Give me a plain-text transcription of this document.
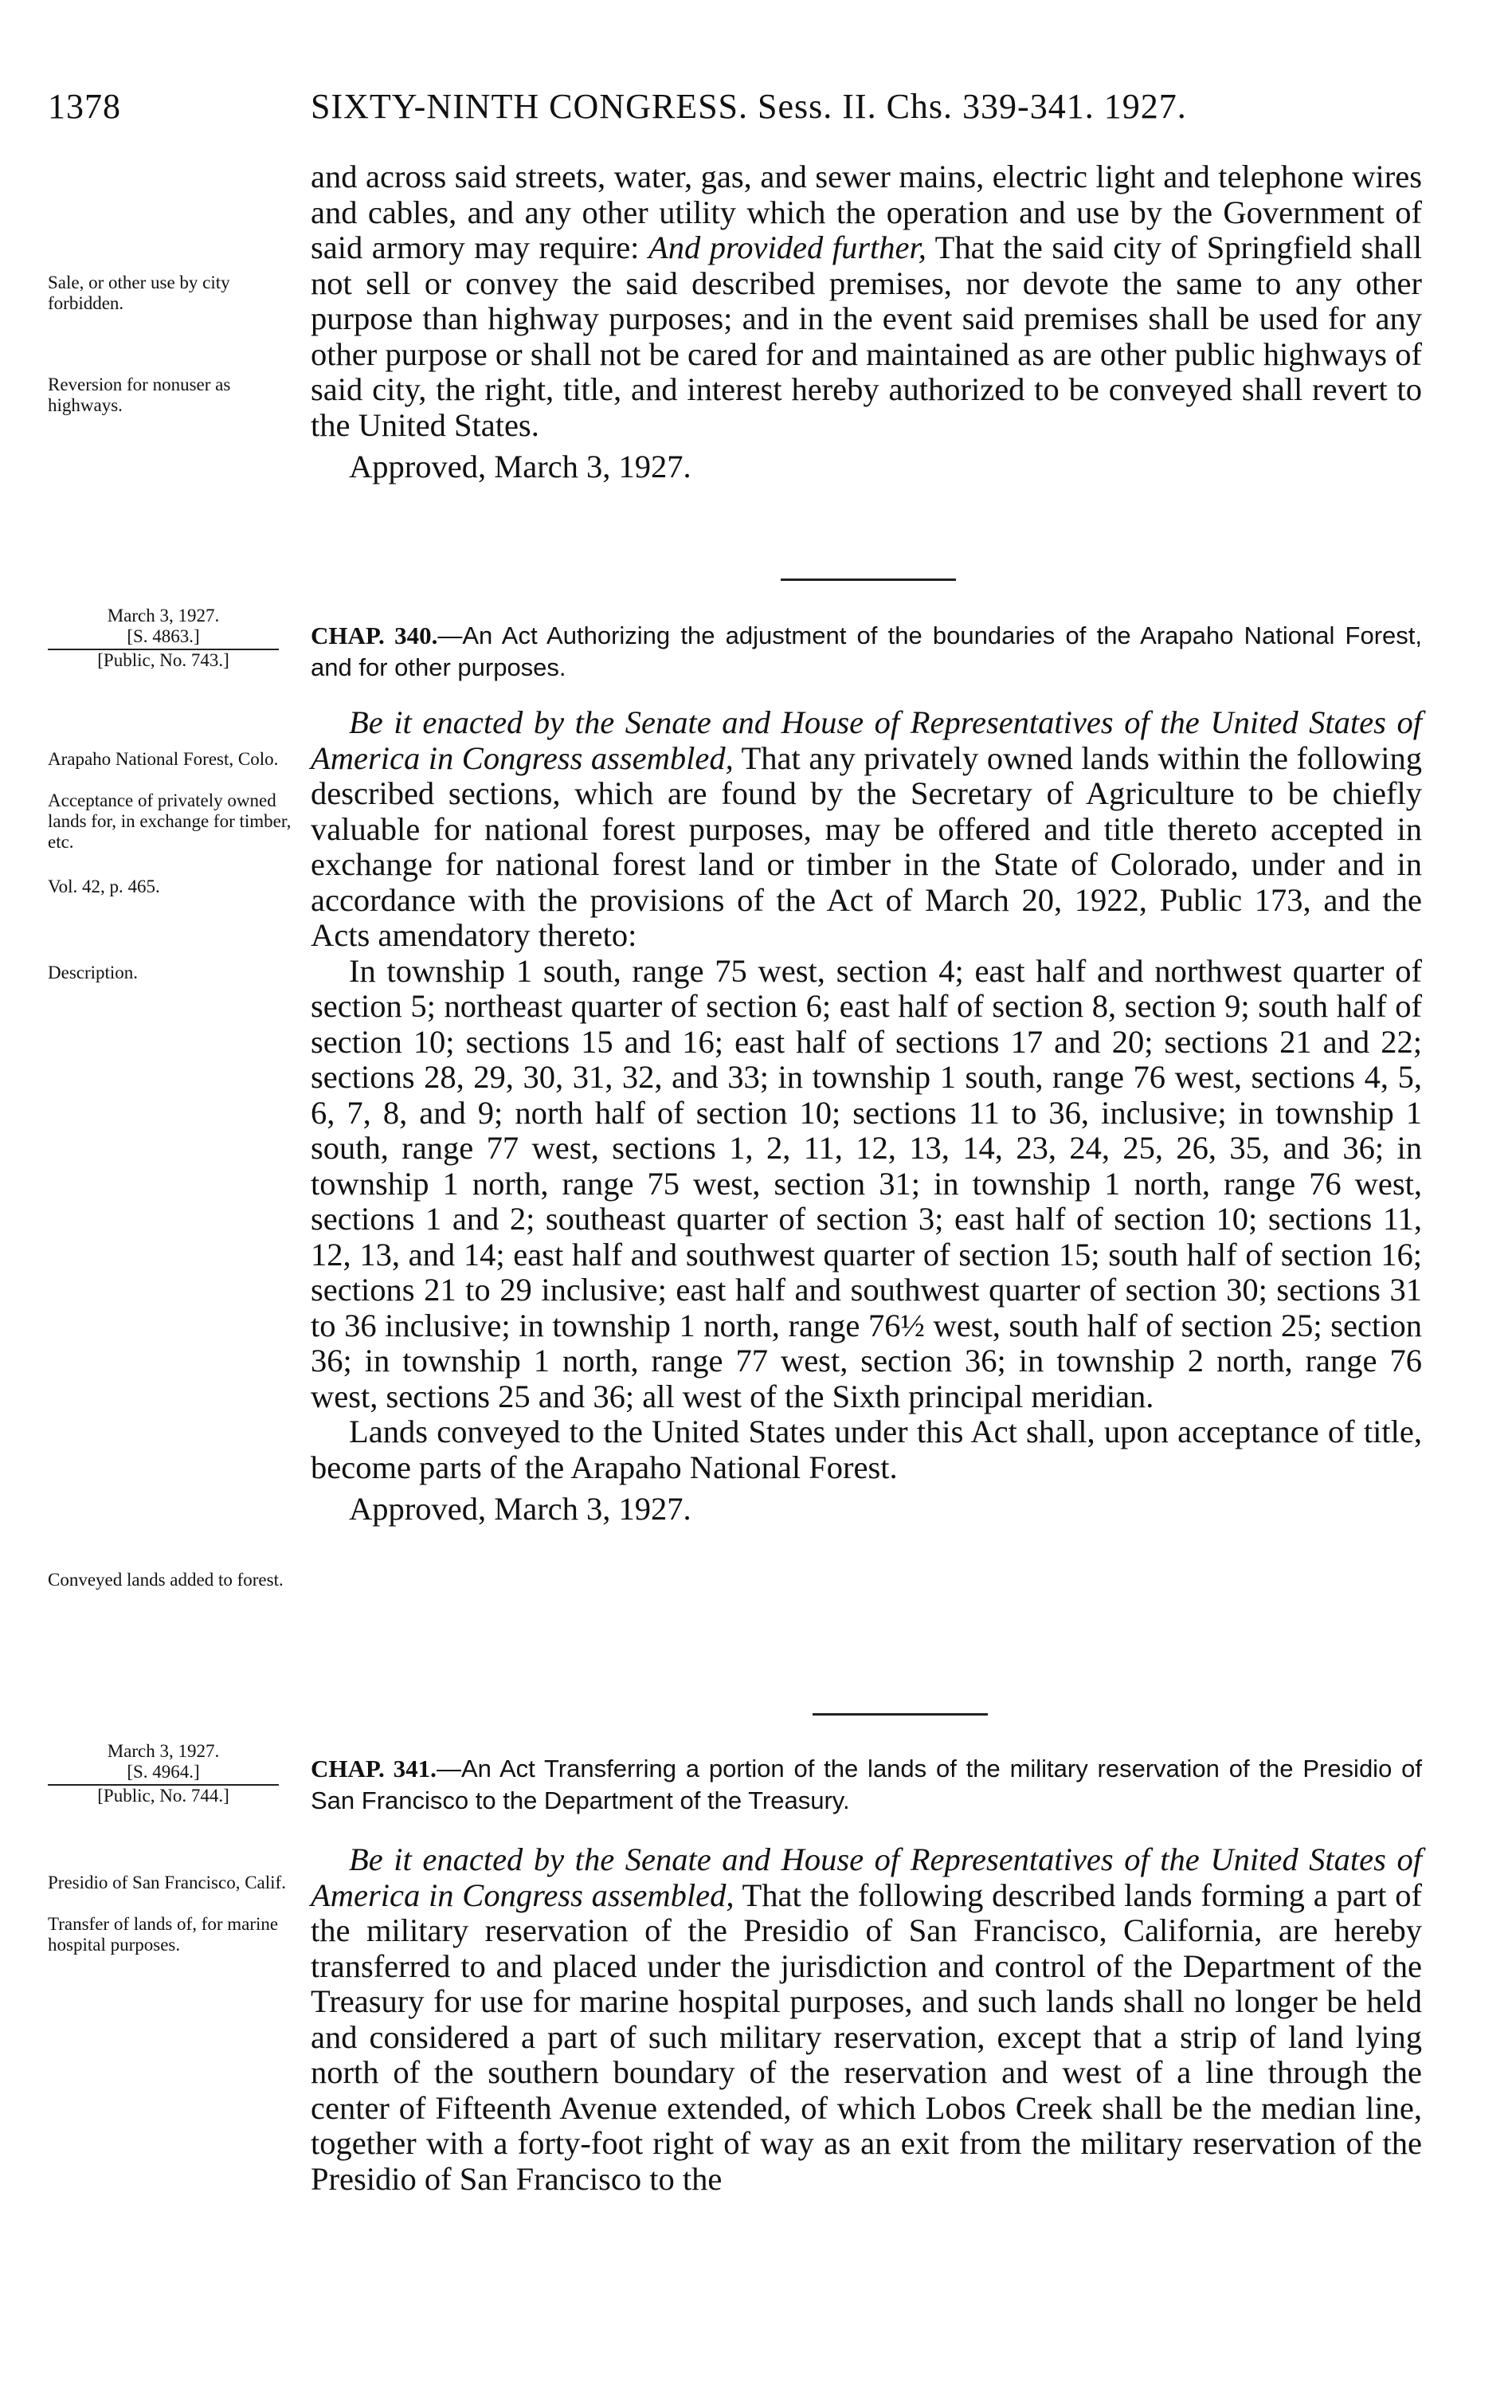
1378	SIXTY-NINTH CONGRESS. Sess. II. Chs. 339-341. 1927.

and across said streets, water, gas, and sewer mains, electric light and telephone wires and cables, and any other utility which the operation and use by the Government of said armory may require: And provided further, That the said city of Springfield shall not sell or convey the said described premises, nor devote the same to any other purpose than highway purposes; and in the event said premises shall be used for any other purpose or shall not be cared for and maintained as are other public highways of said city, the right, title, and interest hereby authorized to be conveyed shall revert to the United States.

Approved, March 3, 1927.

Sale, or other use by city forbidden.
Reversion for nonuser as highways.
March 3, 1927.
[S. 4863.]
[Public, No. 743.]
CHAP. 340.—An Act Authorizing the adjustment of the boundaries of the Arapaho National Forest, and for other purposes.

Be it enacted by the Senate and House of Representatives of the United States of America in Congress assembled, That any privately owned lands within the following described sections, which are found by the Secretary of Agriculture to be chiefly valuable for national forest purposes, may be offered and title thereto accepted in exchange for national forest land or timber in the State of Colorado, under and in accordance with the provisions of the Act of March 20, 1922, Public 173, and the Acts amendatory thereto:

In township 1 south, range 75 west, section 4; east half and northwest quarter of section 5; northeast quarter of section 6; east half of section 8, section 9; south half of section 10; sections 15 and 16; east half of sections 17 and 20; sections 21 and 22; sections 28, 29, 30, 31, 32, and 33; in township 1 south, range 76 west, sections 4, 5, 6, 7, 8, and 9; north half of section 10; sections 11 to 36, inclusive; in township 1 south, range 77 west, sections 1, 2, 11, 12, 13, 14, 23, 24, 25, 26, 35, and 36; in township 1 north, range 75 west, section 31; in township 1 north, range 76 west, sections 1 and 2; southeast quarter of section 3; east half of section 10; sections 11, 12, 13, and 14; east half and southwest quarter of section 15; south half of section 16; sections 21 to 29 inclusive; east half and southwest quarter of section 30; sections 31 to 36 inclusive; in township 1 north, range 76½ west, south half of section 25; section 36; in township 1 north, range 77 west, section 36; in township 2 north, range 76 west, sections 25 and 36; all west of the Sixth principal meridian.

Lands conveyed to the United States under this Act shall, upon acceptance of title, become parts of the Arapaho National Forest.

Approved, March 3, 1927.

Arapaho National Forest, Colo.
Acceptance of privately owned lands for, in exchange for timber, etc.
Vol. 42, p. 465.
Description.
Conveyed lands added to forest.
March 3, 1927.
[S. 4964.]
[Public, No. 744.]
CHAP. 341.—An Act Transferring a portion of the lands of the military reservation of the Presidio of San Francisco to the Department of the Treasury.

Be it enacted by the Senate and House of Representatives of the United States of America in Congress assembled, That the following described lands forming a part of the military reservation of the Presidio of San Francisco, California, are hereby transferred to and placed under the jurisdiction and control of the Department of the Treasury for use for marine hospital purposes, and such lands shall no longer be held and considered a part of such military reservation, except that a strip of land lying north of the southern boundary of the reservation and west of a line through the center of Fifteenth Avenue extended, of which Lobos Creek shall be the median line, together with a forty-foot right of way as an exit from the military reservation of the Presidio of San Francisco to the

Presidio of San Francisco, Calif.
Transfer of lands of, for marine hospital purposes.
